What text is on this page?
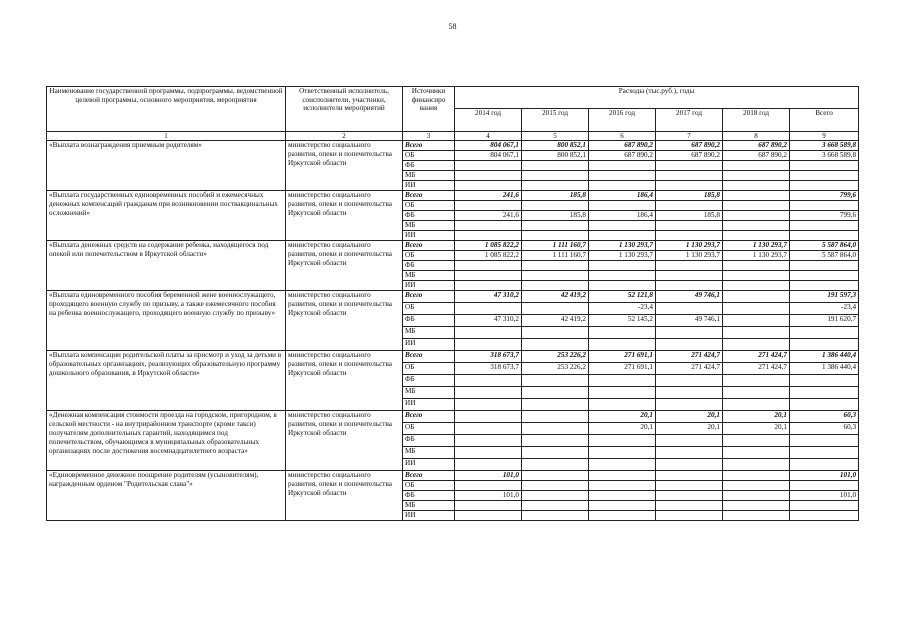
58
Наименование государственной программы, подпрограммы, ведомственной целевой программы, основного мероприятия, мероприятия	Ответственный исполнитель, соисполнители, участники, исполнители мероприятий	Источники финансиро вания	Расходы (тыс.руб.), годы					
			2014 год	2015 год	2016 год	2017 год	2018 год	Всего
1	2	3	4	5	6	7	8	9
«Выплата вознаграждения приемным родителям»	министерство социального развития, опеки и попечительства Иркутской области	Всего	804 067,1	800 852,1	687 890,2	687 890,2	687 890,2	3 668 589,8
		ОБ	804 067,1	800 852,1	687 890,2	687 890,2	687 890,2	3 668 589,8
		ФБ						
		МБ						
		ИИ						
«Выплата государственных единовременных пособий и ежемесячных денежных компенсаций гражданам при возникновении поствакцинальных осложнений»	министерство социального развития, опеки и попечительства Иркутской области	Всего	241,6	185,8	186,4	185,8		799,6
		ОБ						
		ФБ	241,6	185,8	186,4	185,8		799,6
		МБ						
		ИИ						
«Выплата денежных средств на содержание ребенка, находящегося под опекой или попечительством в Иркутской области»	министерство социального развития, опеки и попечительства Иркутской области	Всего	1 085 822,2	1 111 160,7	1 130 293,7	1 130 293,7	1 130 293,7	5 587 864,0
		ОБ	1 085 822,2	1 111 160,7	1 130 293,7	1 130 293,7	1 130 293,7	5 587 864,0
		ФБ						
		МБ						
		ИИ						
«Выплата единовременного пособия беременной жене военнослужащего, проходящего военную службу по призыву, а также ежемесячного пособия на ребенка военнослужащего, проходящего военную службу по призыву»	министерство социального развития, опеки и попечительства Иркутской области	Всего	47 310,2	42 419,2	52 121,8	49 746,1		191 597,3
		ОБ			-23,4			-23,4
		ФБ	47 310,2	42 419,2	52 145,2	49 746,1		191 620,7
		МБ						
		ИИ						
«Выплата компенсации родительской платы за присмотр и уход за детьми в образовательных организациях, реализующих образовательную программу дошкольного образования, в Иркутской области»	министерство социального развития, опеки и попечительства Иркутской области	Всего	318 673,7	253 226,2	271 691,1	271 424,7	271 424,7	1 386 440,4
		ОБ	318 673,7	253 226,2	271 691,1	271 424,7	271 424,7	1 386 440,4
		ФБ						
		МБ						
		ИИ						
«Денежная компенсация стоимости проезда на городском, пригородном, в сельской местности - на внутрирайонном транспорте (кроме такси) получателям дополнительных гарантий, находящимся под попечительством, обучающимся в муниципальных образовательных организациях после достижения восемнадцатилетнего возраста»	министерство социального развития, опеки и попечительства Иркутской области	Всего			20,1	20,1	20,1	60,3
		ОБ			20,1	20,1	20,1	60,3
		ФБ						
		МБ						
		ИИ						
«Единовременное денежное поощрение родителям (усыновителям), награжденным орденом "Родительская слава"»	министерство социального развития, опеки и попечительства Иркутской области	Всего	101,0					101,0
		ОБ						
		ФБ	101,0					101,0
		МБ						
		ИИ						
